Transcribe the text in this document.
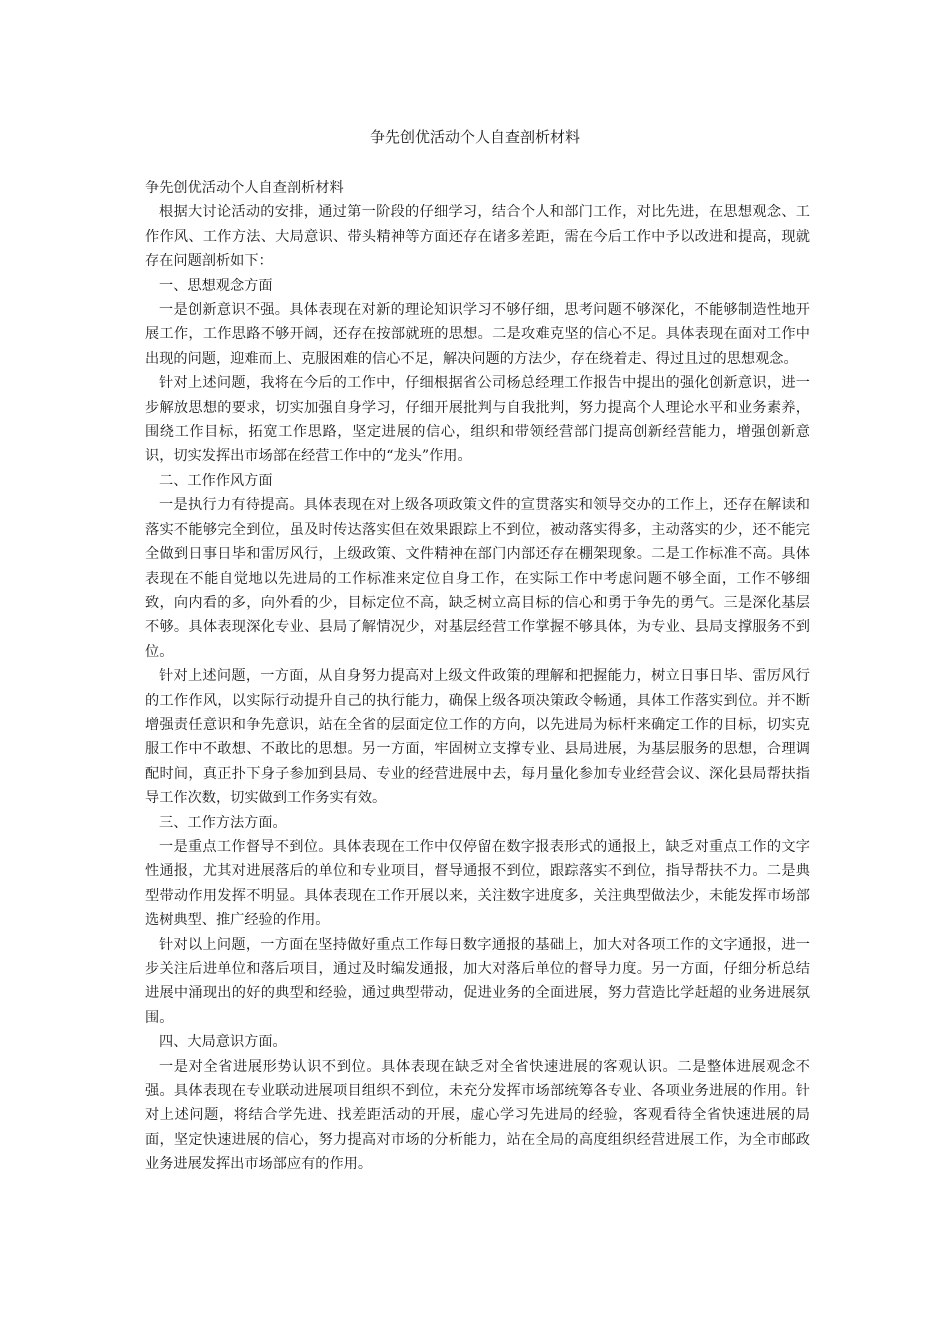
争先创优活动个人自查剖析材料

争先创优活动个人自查剖析材料

根据大讨论活动的安排，通过第一阶段的仔细学习，结合个人和部门工作，对比先进，在思想观念、工作作风、工作方法、大局意识、带头精神等方面还存在诸多差距，需在今后工作中予以改进和提高，现就存在问题剖析如下：

一、思想观念方面

一是创新意识不强。具体表现在对新的理论知识学习不够仔细，思考问题不够深化，不能够制造性地开展工作，工作思路不够开阔，还存在按部就班的思想。二是攻难克坚的信心不足。具体表现在面对工作中出现的问题，迎难而上、克服困难的信心不足，解决问题的方法少，存在绕着走、得过且过的思想观念。

针对上述问题，我将在今后的工作中，仔细根据省公司杨总经理工作报告中提出的强化创新意识，进一步解放思想的要求，切实加强自身学习，仔细开展批判与自我批判，努力提高个人理论水平和业务素养，围绕工作目标，拓宽工作思路，坚定进展的信心，组织和带领经营部门提高创新经营能力，增强创新意识，切实发挥出市场部在经营工作中的“龙头”作用。

二、工作作风方面

一是执行力有待提高。具体表现在对上级各项政策文件的宣贯落实和领导交办的工作上，还存在解读和落实不能够完全到位，虽及时传达落实但在效果跟踪上不到位，被动落实得多，主动落实的少，还不能完全做到日事日毕和雷厉风行，上级政策、文件精神在部门内部还存在棚架现象。二是工作标准不高。具体表现在不能自觉地以先进局的工作标准来定位自身工作，在实际工作中考虑问题不够全面，工作不够细致，向内看的多，向外看的少，目标定位不高，缺乏树立高目标的信心和勇于争先的勇气。三是深化基层不够。具体表现深化专业、县局了解情况少，对基层经营工作掌握不够具体，为专业、县局支撑服务不到位。

针对上述问题，一方面，从自身努力提高对上级文件政策的理解和把握能力，树立日事日毕、雷厉风行的工作作风，以实际行动提升自己的执行能力，确保上级各项决策政令畅通，具体工作落实到位。并不断增强责任意识和争先意识，站在全省的层面定位工作的方向，以先进局为标杆来确定工作的目标，切实克服工作中不敢想、不敢比的思想。另一方面，牢固树立支撑专业、县局进展，为基层服务的思想，合理调配时间，真正扑下身子参加到县局、专业的经营进展中去，每月量化参加专业经营会议、深化县局帮扶指导工作次数，切实做到工作务实有效。

三、工作方法方面。

一是重点工作督导不到位。具体表现在工作中仅停留在数字报表形式的通报上，缺乏对重点工作的文字性通报，尤其对进展落后的单位和专业项目，督导通报不到位，跟踪落实不到位，指导帮扶不力。二是典型带动作用发挥不明显。具体表现在工作开展以来，关注数字进度多，关注典型做法少，未能发挥市场部选树典型、推广经验的作用。

针对以上问题，一方面在坚持做好重点工作每日数字通报的基础上，加大对各项工作的文字通报，进一步关注后进单位和落后项目，通过及时编发通报，加大对落后单位的督导力度。另一方面，仔细分析总结进展中涌现出的好的典型和经验，通过典型带动，促进业务的全面进展，努力营造比学赶超的业务进展氛围。

四、大局意识方面。

一是对全省进展形势认识不到位。具体表现在缺乏对全省快速进展的客观认识。二是整体进展观念不强。具体表现在专业联动进展项目组织不到位，未充分发挥市场部统筹各专业、各项业务进展的作用。针对上述问题，将结合学先进、找差距活动的开展，虚心学习先进局的经验，客观看待全省快速进展的局面，坚定快速进展的信心，努力提高对市场的分析能力，站在全局的高度组织经营进展工作，为全市邮政业务进展发挥出市场部应有的作用。
